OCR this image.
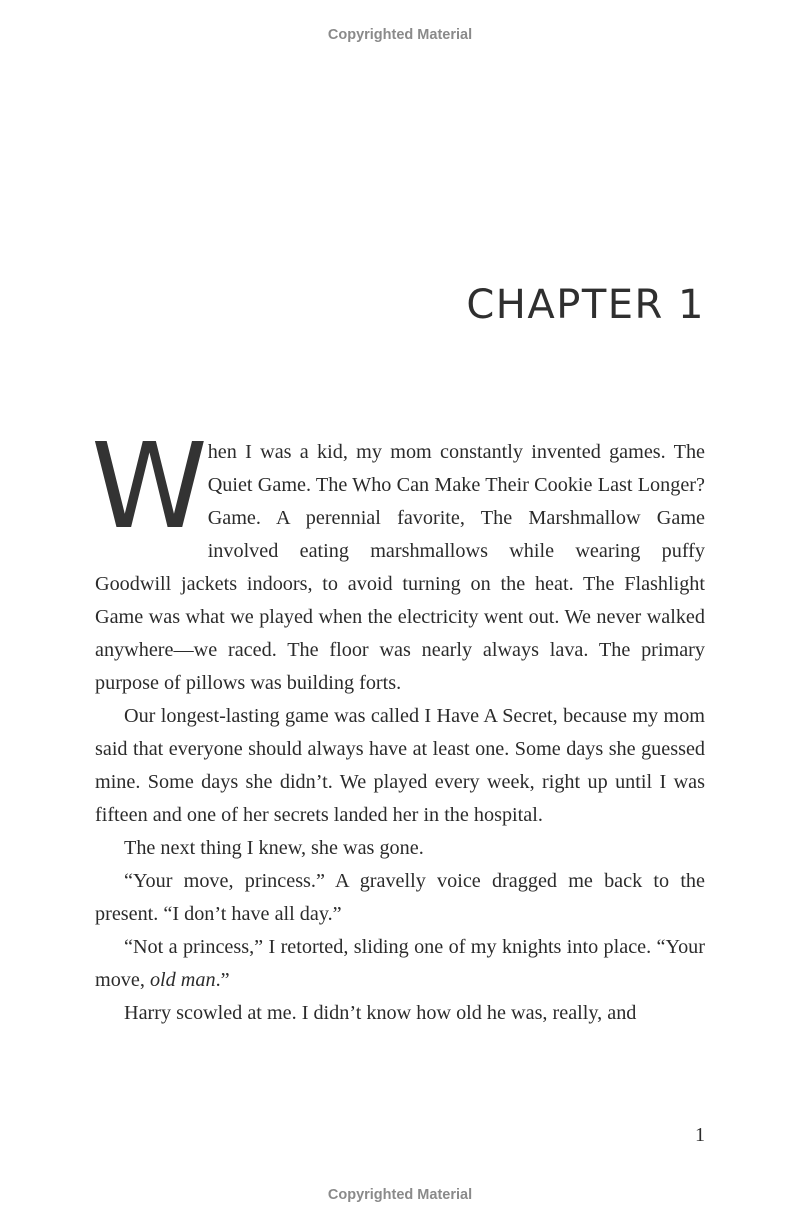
Copyrighted Material
CHAPTER 1

When I was a kid, my mom constantly invented games. The Quiet Game. The Who Can Make Their Cookie Last Longer? Game. A perennial favorite, The Marshmallow Game involved eating marshmallows while wearing puffy Goodwill jackets indoors, to avoid turning on the heat. The Flashlight Game was what we played when the electricity went out. We never walked anywhere—we raced. The floor was nearly always lava. The primary purpose of pillows was building forts.

Our longest-lasting game was called I Have A Secret, because my mom said that everyone should always have at least one. Some days she guessed mine. Some days she didn’t. We played every week, right up until I was fifteen and one of her secrets landed her in the hospital.

The next thing I knew, she was gone.

“Your move, princess.” A gravelly voice dragged me back to the present. “I don’t have all day.”

“Not a princess,” I retorted, sliding one of my knights into place. “Your move, old man.”

Harry scowled at me. I didn’t know how old he was, really, and

1
Copyrighted Material
